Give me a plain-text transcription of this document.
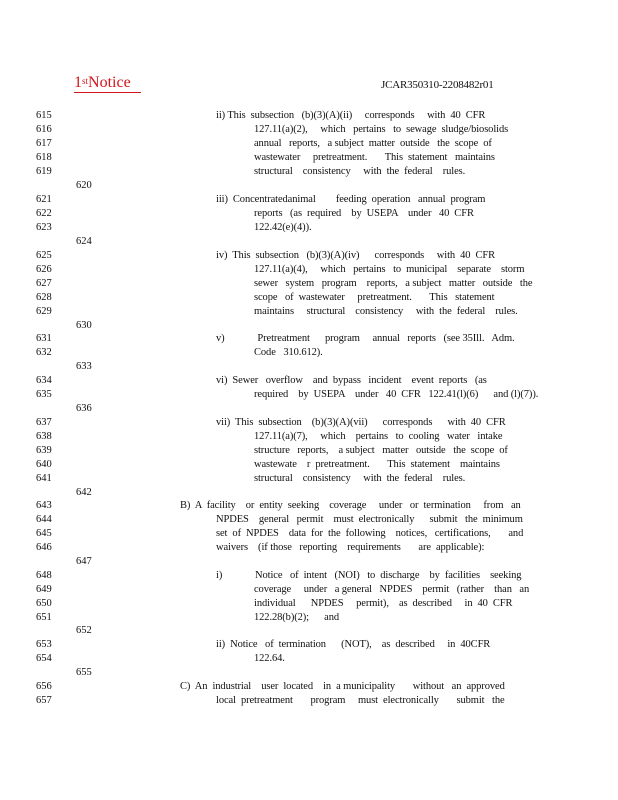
1stNotice	JCAR350310-2208482r01
615	ii) This  subsection   (b)(3)(A)(ii)     corresponds     with  40  CFR
616	127.11(a)(2),     which   pertains   to  sewage  sludge/biosolids
617	annual   reports,   a subject  matter  outside   the  scope  of
618	wastewater     pretreatment.       This  statement   maintains
619	structural    consistency     with  the  federal    rules.
620
621	iii)  Concentratedanimal        feeding  operation   annual  program
622	reports   (as  required    by  USEPA    under   40  CFR
623	122.42(e)(4)).
624
625	iv)  This  subsection   (b)(3)(A)(iv)      corresponds     with  40  CFR
626	127.11(a)(4),     which   pertains   to  municipal    separate    storm
627	sewer   system   program    reports,   a subject   matter   outside   the
628	scope   of  wastewater     pretreatment.       This   statement
629	maintains     structural    consistency     with  the  federal    rules.
630
631	v)             Pretreatment      program     annual   reports   (see 35Ill.   Adm.
632	Code   310.612).
633
634	vi)  Sewer   overflow    and  bypass   incident    event  reports   (as
635	required    by  USEPA    under   40  CFR   122.41(l)(6)      and (l)(7)).
636
637	vii)  This  subsection    (b)(3)(A)(vii)      corresponds      with  40  CFR
638	127.11(a)(7),     which    pertains   to  cooling   water   intake
639	structure   reports,    a subject   matter   outside   the  scope  of
640	wastewate    r  pretreatment.       This  statement    maintains
641	structural    consistency     with  the  federal    rules.
642
643	B)  A  facility    or  entity  seeking    coverage     under   or  termination     from   an
644	NPDES    general   permit    must  electronically      submit   the  minimum
645	set  of  NPDES    data  for  the  following    notices,   certifications,       and
646	waivers    (if those   reporting    requirements       are  applicable):
647
648	i)             Notice   of  intent   (NOI)   to  discharge    by  facilities    seeking
649	coverage     under   a general   NPDES    permit   (rather    than   an
650	individual      NPDES     permit),    as  described     in  40  CFR
651	122.28(b)(2);      and
652
653	ii)  Notice   of  termination      (NOT),    as  described     in  40CFR
654	122.64.
655
656	C)  An  industrial    user  located    in  a municipality       without   an  approved
657	local  pretreatment       program     must  electronically       submit   the
